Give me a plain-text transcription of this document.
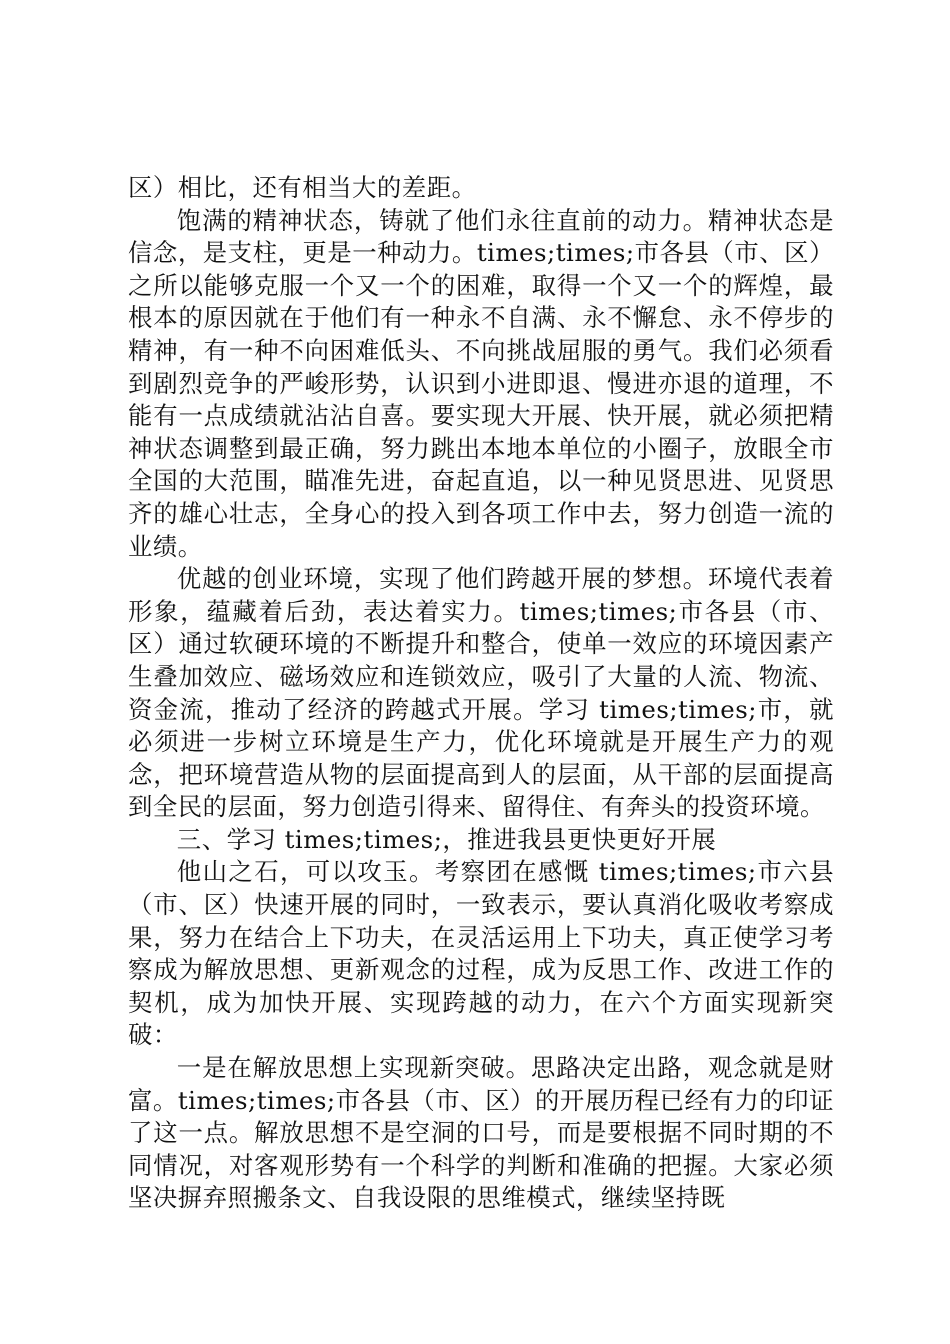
区）相比，还有相当大的差距。

饱满的精神状态，铸就了他们永往直前的动力。精神状态是信念，是支柱，更是一种动力。times;times;市各县（市、区）之所以能够克服一个又一个的困难，取得一个又一个的辉煌，最根本的原因就在于他们有一种永不自满、永不懈怠、永不停步的精神，有一种不向困难低头、不向挑战屈服的勇气。我们必须看到剧烈竞争的严峻形势，认识到小进即退、慢进亦退的道理，不能有一点成绩就沾沾自喜。要实现大开展、快开展，就必须把精神状态调整到最正确，努力跳出本地本单位的小圈子，放眼全市全国的大范围，瞄准先进，奋起直追，以一种见贤思进、见贤思齐的雄心壮志，全身心的投入到各项工作中去，努力创造一流的业绩。

优越的创业环境，实现了他们跨越开展的梦想。环境代表着形象，蕴藏着后劲，表达着实力。times;times;市各县（市、区）通过软硬环境的不断提升和整合，使单一效应的环境因素产生叠加效应、磁场效应和连锁效应，吸引了大量的人流、物流、资金流，推动了经济的跨越式开展。学习 times;times;市，就必须进一步树立环境是生产力，优化环境就是开展生产力的观念，把环境营造从物的层面提高到人的层面，从干部的层面提高到全民的层面，努力创造引得来、留得住、有奔头的投资环境。

三、学习 times;times;，推进我县更快更好开展

他山之石，可以攻玉。考察团在感慨 times;times;市六县（市、区）快速开展的同时，一致表示，要认真消化吸收考察成果，努力在结合上下功夫，在灵活运用上下功夫，真正使学习考察成为解放思想、更新观念的过程，成为反思工作、改进工作的契机，成为加快开展、实现跨越的动力，在六个方面实现新突破：

一是在解放思想上实现新突破。思路决定出路，观念就是财富。times;times;市各县（市、区）的开展历程已经有力的印证了这一点。解放思想不是空洞的口号，而是要根据不同时期的不同情况，对客观形势有一个科学的判断和准确的把握。大家必须坚决摒弃照搬条文、自我设限的思维模式，继续坚持既
